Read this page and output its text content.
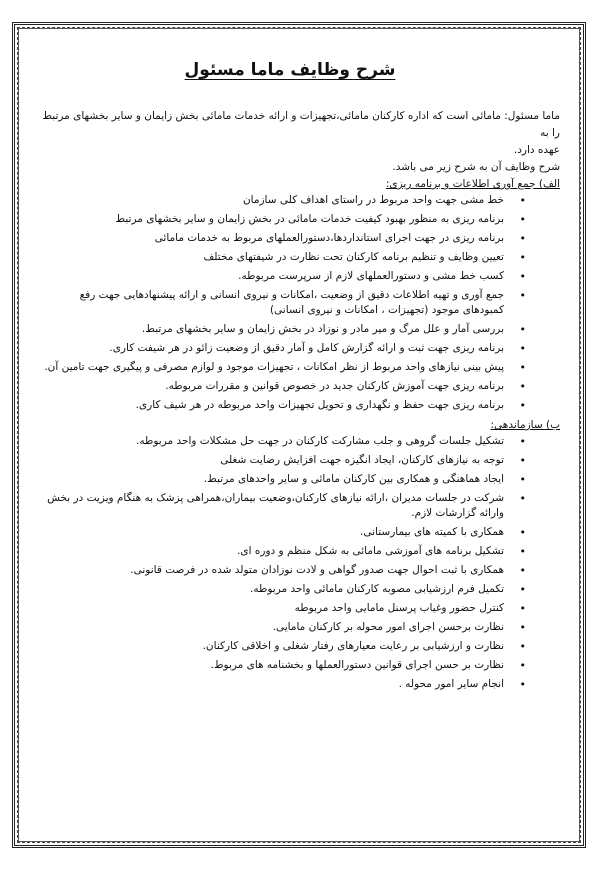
شرح وظایف ماما مسئول
ماما مسئول: مامائی است که اداره کارکنان مامائی،تجهیزات و ارائه خدمات مامائی بخش زایمان و سایر بخشهای مرتبط را به
عهده دارد.
شرح وظایف آن به شرح زیر می باشد.
الف) جمع آوری اطلاعات و برنامه ریزی:
•
خط مشی جهت واحد مربوط در راستای اهداف کلی سازمان
•
برنامه ریزی به منظور بهبود کیفیت خدمات مامائی در بخش زایمان و سایر بخشهای مرتبط
•
برنامه ریزی در جهت اجرای استانداردها،دستورالعملهای مربوط به خدمات مامائی
•
تعیین وظایف و تنظیم برنامه کارکنان تحت نظارت در شیفتهای مختلف
•
کسب خط مشی و دستورالعملهای لازم از سرپرست مربوطه.
•
جمع آوری و تهیه اطلاعات دقیق از وضعیت ،امکانات و نیروی انسانی و ارائه پیشنهادهایی جهت رفع کمبودهای موجود (تجهیزات ، امکانات و نیروی انسانی)
•
بررسی آمار و علل مرگ و میر مادر و نوزاد در بخش زایمان و سایر بخشهای مرتبط.
•
برنامه ریزی جهت ثبت و ارائه گزارش کامل و آمار دقیق از وضعیت زائو در هر شیفت کاری.
•
پیش بینی نیازهای واحد مربوط از نظر امکانات ، تجهیزات موجود و لوازم مصرفی و پیگیری جهت تامین آن.
•
برنامه ریزی جهت آموزش کارکنان جدید در خصوص قوانین و مقررات مربوطه.
•
برنامه ریزی جهت حفظ و نگهداری و تحویل تجهیزات واحد مربوطه در هر شیف کاری.
ب) سازماندهی:
•
تشکیل جلسات گروهی و جلب مشارکت کارکنان در جهت حل مشکلات واحد مربوطه.
•
توجه به نیازهای کارکنان، ایجاد انگیزه جهت افزایش رضایت شغلی
•
ایجاد هماهنگی و همکاری بین کارکنان مامائی و سایر واحدهای مرتبط.
•
شرکت در جلسات مدیران ،ارائه نیازهای کارکنان،وضعیت بیماران،همراهی پزشک به هنگام ویزیت در بخش وارائه گزارشات لازم.
•
همکاری با کمیته های بیمارستانی.
•
تشکیل برنامه های آموزشی مامائی به شکل منظم و دوره ای.
•
همکاری با ثبت احوال جهت صدور گواهی و لادت نوزادان متولد شده در فرصت قانونی.
•
تکمیل فرم ارزشیابی مصوبه کارکنان مامائی واحد مربوطه.
•
کنترل حضور وغیاب پرسنل مامایی واحد مربوطه
•
نظارت برحسن اجرای امور محوله بر کارکنان مامایی.
•
نظارت و ارزشیابی بر رعایت معیارهای رفتار شغلی و اخلاقی کارکنان.
•
نظارت بر حسن اجرای قوانین دستورالعملها و بخشنامه های مربوط.
•
انجام سایر امور محوله .
